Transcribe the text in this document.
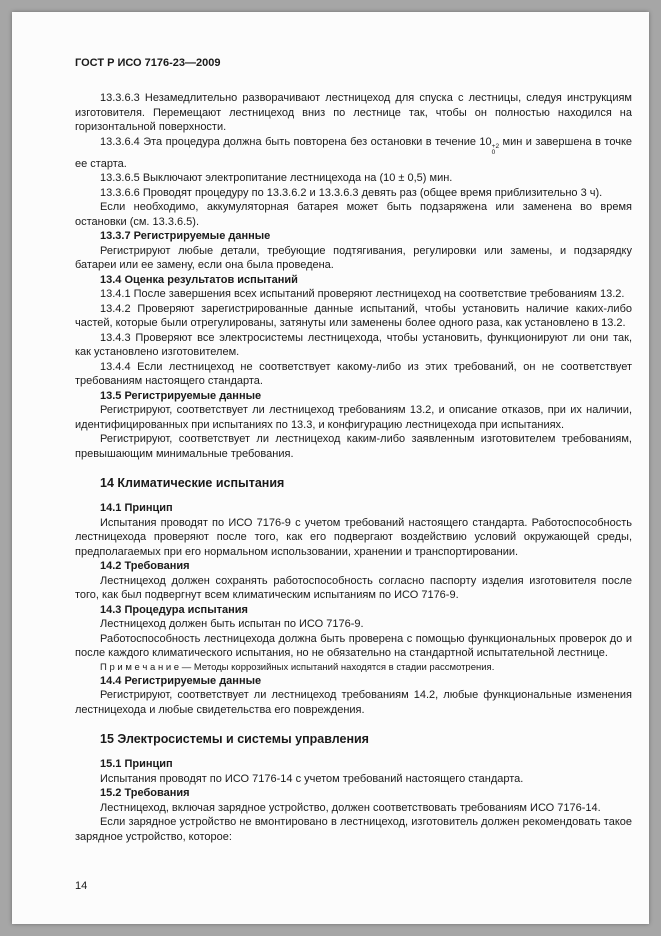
ГОСТ Р ИСО 7176-23—2009

13.3.6.3 Незамедлительно разворачивают лестницеход для спуска с лестницы, следуя инструкциям изготовителя. Перемещают лестницеход вниз по лестнице так, чтобы он полностью находился на горизонтальной поверхности.

13.3.6.4 Эта процедура должна быть повторена без остановки в течение 10 +2
0
мин и завершена в точке ее старта.

13.3.6.5 Выключают электропитание лестницехода на (10 ± 0,5) мин.

13.3.6.6 Проводят процедуру по 13.3.6.2 и 13.3.6.3 девять раз (общее время приблизительно 3 ч).

Если необходимо, аккумуляторная батарея может быть подзаряжена или заменена во время остановки (см. 13.3.6.5).

13.3.7 Регистрируемые данные

Регистрируют любые детали, требующие подтягивания, регулировки или замены, и подзарядку батареи или ее замену, если она была проведена.

13.4 Оценка результатов испытаний

13.4.1 После завершения всех испытаний проверяют лестницеход на соответствие требованиям 13.2.

13.4.2 Проверяют зарегистрированные данные испытаний, чтобы установить наличие каких-либо частей, которые были отрегулированы, затянуты или заменены более одного раза, как установлено в 13.2.

13.4.3 Проверяют все электросистемы лестницехода, чтобы установить, функционируют ли они так, как установлено изготовителем.

13.4.4 Если лестницеход не соответствует какому-либо из этих требований, он не соответствует требованиям настоящего стандарта.

13.5 Регистрируемые данные

Регистрируют, соответствует ли лестницеход требованиям 13.2, и описание отказов, при их наличии, идентифицированных при испытаниях по 13.3, и конфигурацию лестницехода при испытаниях.

Регистрируют, соответствует ли лестницеход каким-либо заявленным изготовителем требованиям, превышающим минимальные требования.

14 Климатические испытания

14.1 Принцип

Испытания проводят по ИСО 7176-9 с учетом требований настоящего стандарта. Работоспособность лестницехода проверяют после того, как его подвергают воздействию условий окружающей среды, предполагаемых при его нормальном использовании, хранении и транспортировании.

14.2 Требования

Лестницеход должен сохранять работоспособность согласно паспорту изделия изготовителя после того, как был подвергнут всем климатическим испытаниям по ИСО 7176-9.

14.3 Процедура испытания

Лестницеход должен быть испытан по ИСО 7176-9.

Работоспособность лестницехода должна быть проверена с помощью функциональных проверок до и после каждого климатического испытания, но не обязательно на стандартной испытательной лестнице.

П р и м е ч а н и е — Методы коррозийных испытаний находятся в стадии рассмотрения.

14.4 Регистрируемые данные

Регистрируют, соответствует ли лестницеход требованиям 14.2, любые функциональные изменения лестницехода и любые свидетельства его повреждения.

15 Электросистемы и системы управления

15.1 Принцип

Испытания проводят по ИСО 7176-14 с учетом требований настоящего стандарта.

15.2 Требования

Лестницеход, включая зарядное устройство, должен соответствовать требованиям ИСО 7176-14.

Если зарядное устройство не вмонтировано в лестницеход, изготовитель должен рекомендовать такое зарядное устройство, которое:

14
